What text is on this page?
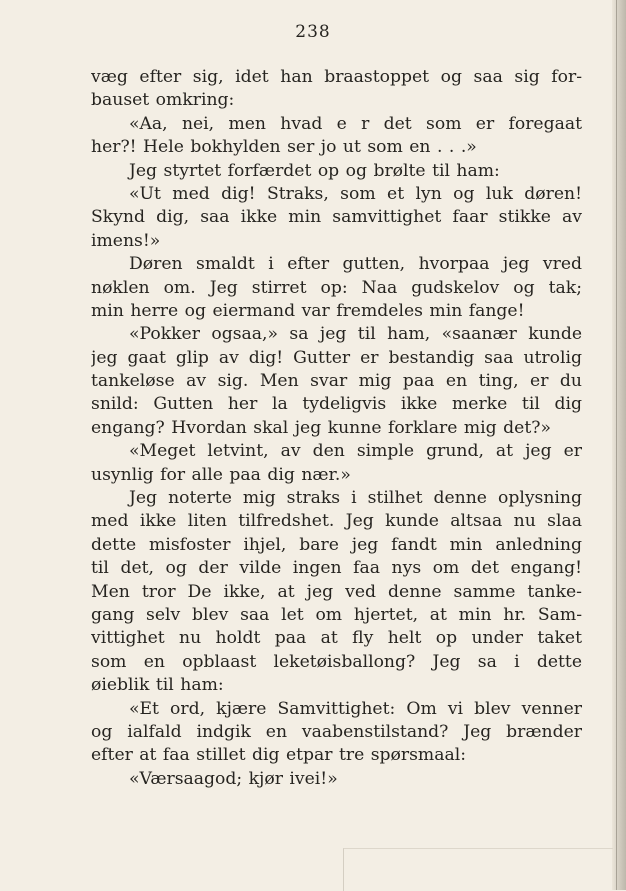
238
væg efter sig, idet han braastoppet og saa sig for-
bauset omkring:
«Aa, nei, men hvad e r det som er foregaat
her?! Hele bokhylden ser jo ut som en . . .»
Jeg styrtet forfærdet op og brølte til ham:
«Ut med dig! Straks, som et lyn og luk døren!
Skynd dig, saa ikke min samvittighet faar stikke av
imens!»
Døren smaldt i efter gutten, hvorpaa jeg vred
nøklen om. Jeg stirret op: Naa gudskelov og tak;
min herre og eiermand var fremdeles min fange!
«Pokker ogsaa,» sa jeg til ham, «saanær kunde
jeg gaat glip av dig! Gutter er bestandig saa utrolig
tankeløse av sig. Men svar mig paa en ting, er du
snild: Gutten her la tydeligvis ikke merke til dig
engang? Hvordan skal jeg kunne forklare mig det?»
«Meget letvint, av den simple grund, at jeg er
usynlig for alle paa dig nær.»
Jeg noterte mig straks i stilhet denne oplysning
med ikke liten tilfredshet. Jeg kunde altsaa nu slaa
dette misfoster ihjel, bare jeg fandt min anledning
til det, og der vilde ingen faa nys om det engang!
Men tror De ikke, at jeg ved denne samme tanke-
gang selv blev saa let om hjertet, at min hr. Sam-
vittighet nu holdt paa at fly helt op under taket
som en opblaast leketøisballong? Jeg sa i dette
øieblik til ham:
«Et ord, kjære Samvittighet: Om vi blev venner
og ialfald indgik en vaabenstilstand? Jeg brænder
efter at faa stillet dig etpar tre spørsmaal:
«Værsaagod; kjør ivei!»
